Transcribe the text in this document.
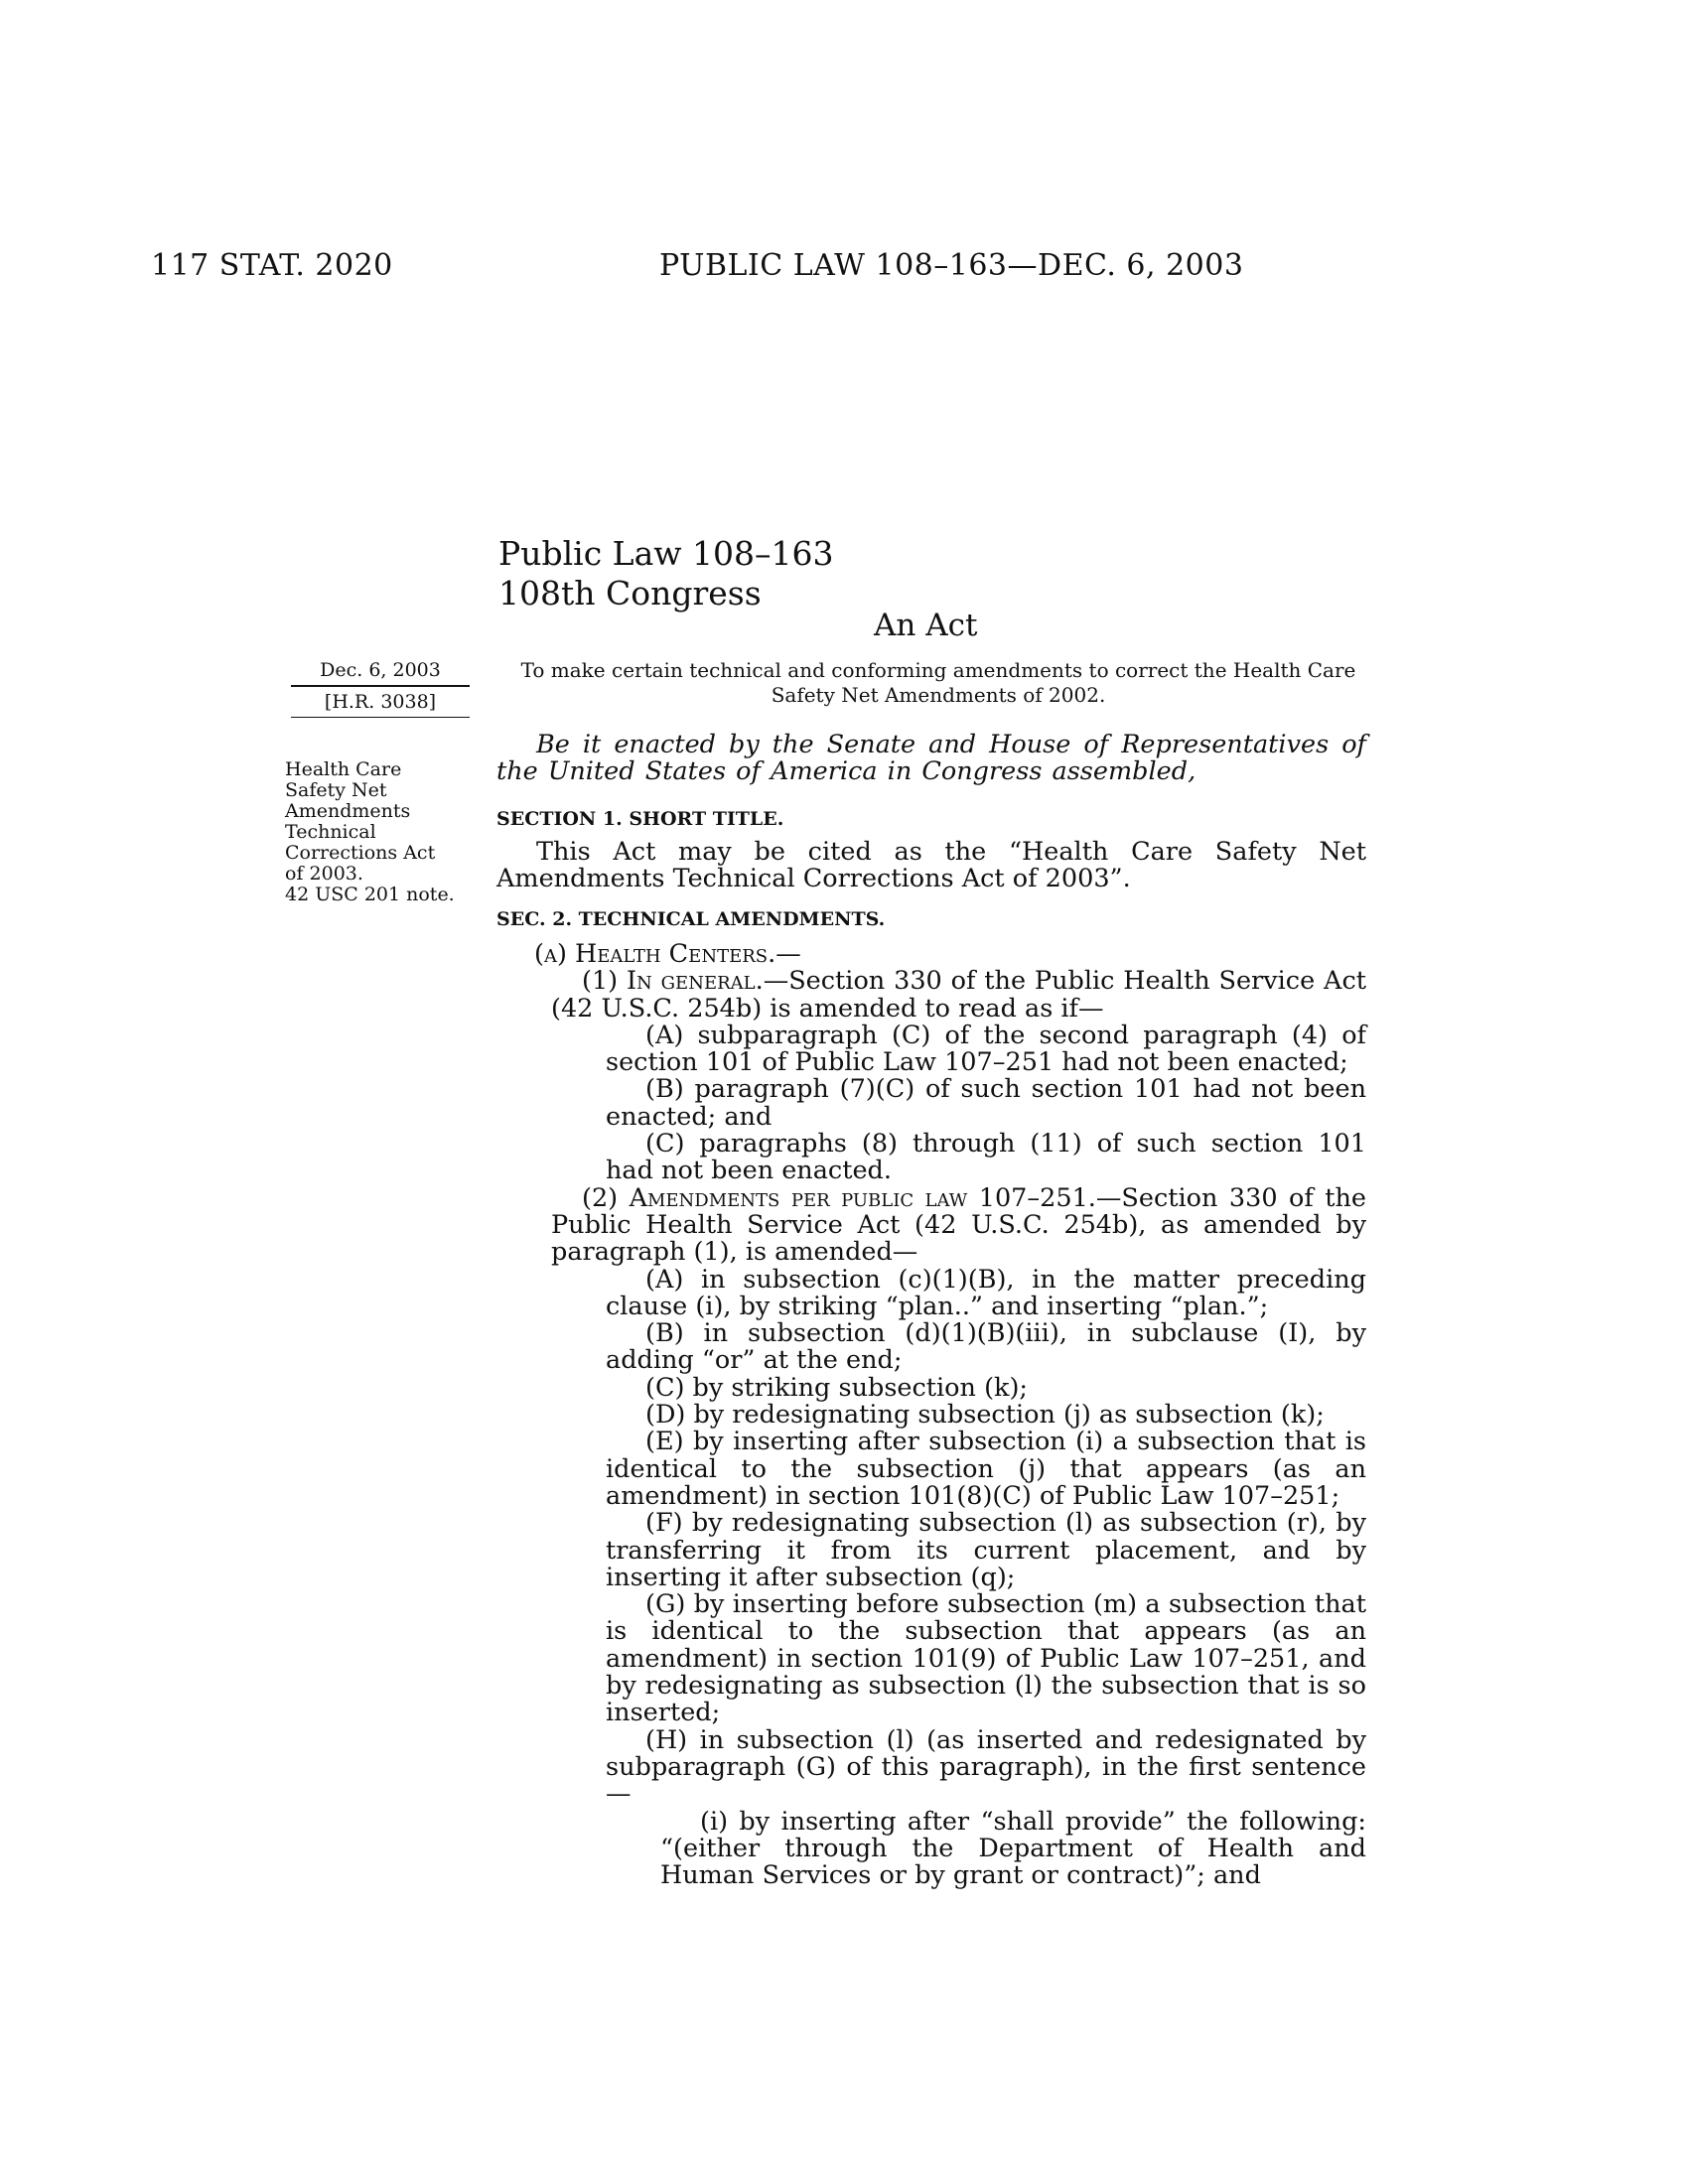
117 STAT. 2020	PUBLIC LAW 108–163—DEC. 6, 2003
Public Law 108–163
108th Congress
An Act
To make certain technical and conforming amendments to correct the Health Care Safety Net Amendments of 2002.
Dec. 6, 2003
[H.R. 3038]
Health Care
Safety Net
Amendments
Technical
Corrections Act
of 2003.
42 USC 201 note.
Be it enacted by the Senate and House of Representatives of the United States of America in Congress assembled,
SECTION 1. SHORT TITLE.
This Act may be cited as the “Health Care Safety Net Amendments Technical Corrections Act of 2003”.
SEC. 2. TECHNICAL AMENDMENTS.

(a) Health Centers.—

(1) In general.—Section 330 of the Public Health Service Act (42 U.S.C. 254b) is amended to read as if—

(A) subparagraph (C) of the second paragraph (4) of section 101 of Public Law 107–251 had not been enacted;

(B) paragraph (7)(C) of such section 101 had not been enacted; and

(C) paragraphs (8) through (11) of such section 101 had not been enacted.

(2) Amendments per public law 107–251.—Section 330 of the Public Health Service Act (42 U.S.C. 254b), as amended by paragraph (1), is amended—

(A) in subsection (c)(1)(B), in the matter preceding clause (i), by striking “plan..” and inserting “plan.”;

(B) in subsection (d)(1)(B)(iii), in subclause (I), by adding “or” at the end;

(C) by striking subsection (k);

(D) by redesignating subsection (j) as subsection (k);

(E) by inserting after subsection (i) a subsection that is identical to the subsection (j) that appears (as an amendment) in section 101(8)(C) of Public Law 107–251;

(F) by redesignating subsection (l) as subsection (r), by transferring it from its current placement, and by inserting it after subsection (q);

(G) by inserting before subsection (m) a subsection that is identical to the subsection that appears (as an amendment) in section 101(9) of Public Law 107–251, and by redesignating as subsection (l) the subsection that is so inserted;

(H) in subsection (l) (as inserted and redesignated by subparagraph (G) of this paragraph), in the first sentence—

(i) by inserting after “shall provide” the following: “(either through the Department of Health and Human Services or by grant or contract)”; and
